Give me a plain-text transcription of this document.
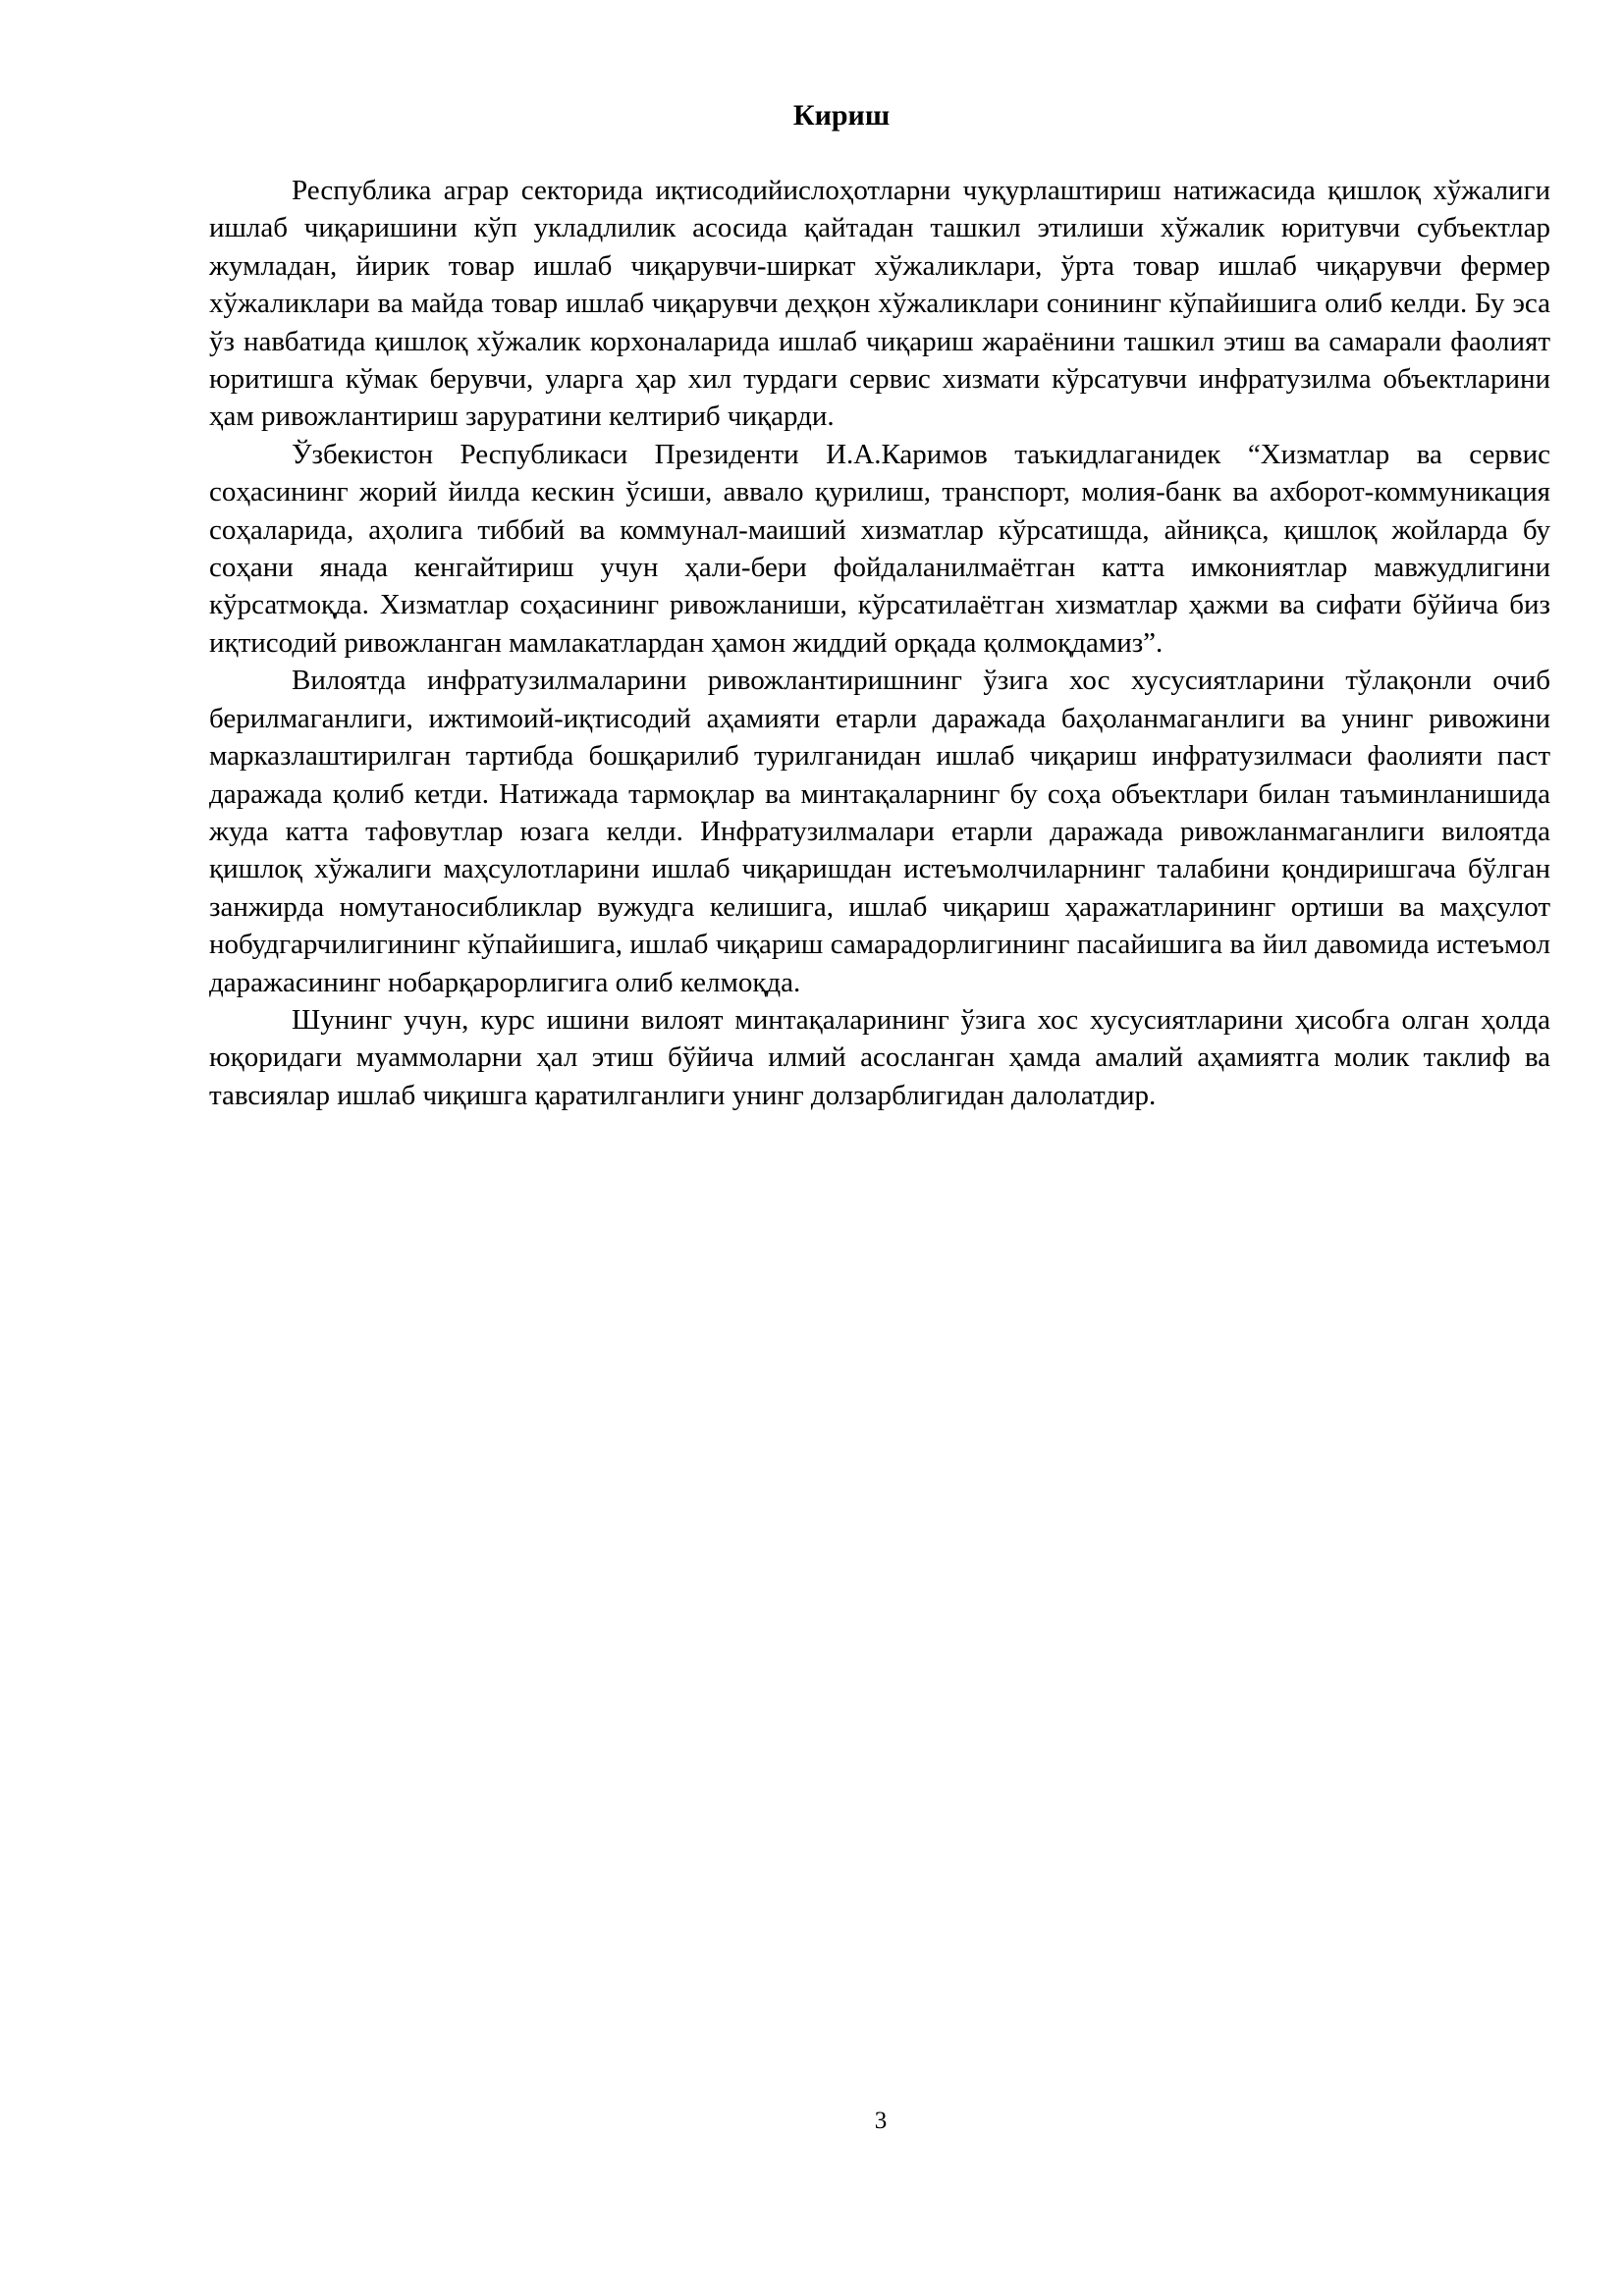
Кириш

Республика аграр секторида иқтисодийислоҳотларни чуқурлаштириш натижасида қишлоқ хўжалиги ишлаб чиқаришини кўп укладлилик асосида қайтадан ташкил этилиши хўжалик юритувчи субъектлар жумладан, йирик товар ишлаб чиқарувчи-ширкат хўжаликлари, ўрта товар ишлаб чиқарувчи фермер хўжаликлари ва майда товар ишлаб чиқарувчи деҳқон хўжаликлари сонининг кўпайишига олиб келди. Бу эса ўз навбатида қишлоқ хўжалик корхоналарида ишлаб чиқариш жараёнини ташкил этиш ва самарали фаолият юритишга кўмак берувчи, уларга ҳар хил турдаги сервис хизмати кўрсатувчи инфратузилма объектларини ҳам ривожлантириш заруратини келтириб чиқарди.

Ўзбекистон Республикаси Президенти И.А.Каримов таъкидлаганидек “Хизматлар ва сервис соҳасининг жорий йилда кескин ўсиши, аввало қурилиш, транспорт, молия-банк ва ахборот-коммуникация соҳаларида, аҳолига тиббий ва коммунал-маиший хизматлар кўрсатишда, айниқса, қишлоқ жойларда бу соҳани янада кенгайтириш учун ҳали-бери фойдаланилмаётган катта имкониятлар мавжудлигини кўрсатмоқда. Хизматлар соҳасининг ривожланиши, кўрсатилаётган хизматлар ҳажми ва сифати бўйича биз иқтисодий ривожланган мамлакатлардан ҳамон жиддий орқада қолмоқдамиз”.

Вилоятда инфратузилмаларини ривожлантиришнинг ўзига хос хусусиятларини тўлақонли очиб берилмаганлиги, ижтимоий-иқтисодий аҳамияти етарли даражада баҳоланмаганлиги ва унинг ривожини марказлаштирилган тартибда бошқарилиб турилганидан ишлаб чиқариш инфратузилмаси фаолияти паст даражада қолиб кетди. Натижада тармоқлар ва минтақаларнинг бу соҳа объектлари билан таъминланишида жуда катта тафовутлар юзага келди. Инфратузилмалари етарли даражада ривожланмаганлиги вилоятда қишлоқ хўжалиги маҳсулотларини ишлаб чиқаришдан истеъмолчиларнинг талабини қондиришгача бўлган занжирда номутаносибликлар вужудга келишига, ишлаб чиқариш ҳаражатларининг ортиши ва маҳсулот нобудгарчилигининг кўпайишига, ишлаб чиқариш самарадорлигининг пасайишига ва йил давомида истеъмол даражасининг нобарқарорлигига олиб келмоқда.

Шунинг учун, курс ишини вилоят минтақаларининг ўзига хос хусусиятларини ҳисобга олган ҳолда юқоридаги муаммоларни ҳал этиш бўйича илмий асосланган ҳамда амалий аҳамиятга молик таклиф ва тавсиялар ишлаб чиқишга қаратилганлиги унинг долзарблигидан далолатдир.

3
